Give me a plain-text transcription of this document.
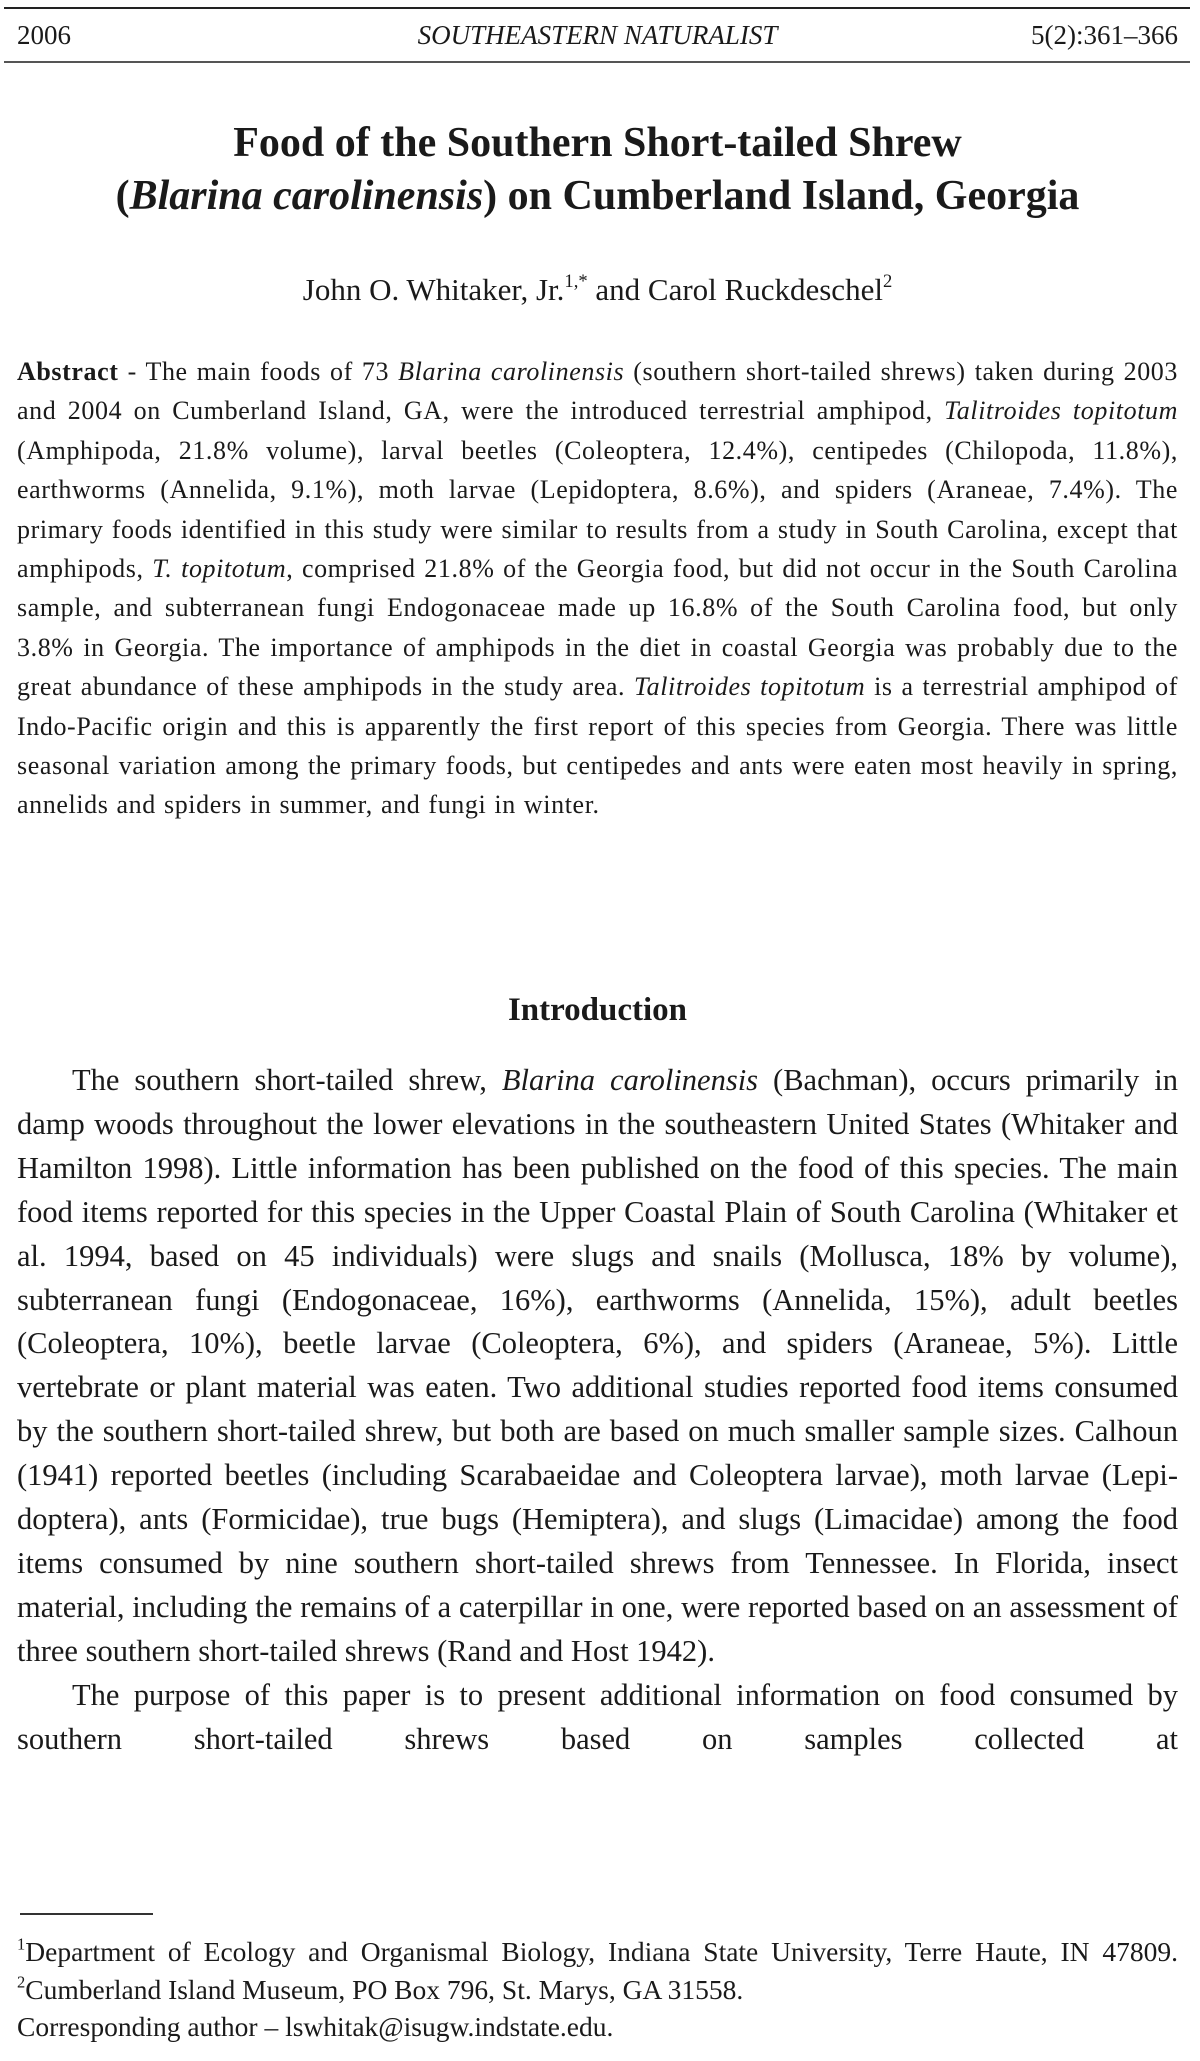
2006	SOUTHEASTERN NATURALIST	5(2):361–366
Food of the Southern Short-tailed Shrew
(Blarina carolinensis) on Cumberland Island, Georgia
John O. Whitaker, Jr.$^{1,*}$ and Carol Ruckdeschel$^2$
Abstract - The main foods of 73 Blarina carolinensis (southern short-tailed shrews) taken during 2003 and 2004 on Cumberland Island, GA, were the introduced terrestrial amphipod, Talitroides topitotum (Amphipoda, 21.8% volume), larval beetles (Coleoptera, 12.4%), centipedes (Chilopoda, 11.8%), earthworms (Annelida, 9.1%), moth larvae (Lepidoptera, 8.6%), and spiders (Araneae, 7.4%). The primary foods identified in this study were similar to results from a study in South Carolina, except that amphipods, T. topitotum, comprised 21.8% of the Georgia food, but did not occur in the South Carolina sample, and subterranean fungi Endogonaceae made up 16.8% of the South Carolina food, but only 3.8% in Georgia. The importance of amphipods in the diet in coastal Georgia was probably due to the great abundance of these amphipods in the study area. Talitroides topitotum is a terrestrial amphipod of Indo-Pacific origin and this is apparently the first report of this species from Georgia. There was little seasonal variation among the primary foods, but centipedes and ants were eaten most heavily in spring, annelids and spiders in summer, and fungi in winter.
Introduction

The southern short-tailed shrew, Blarina carolinensis (Bachman), occurs primarily in damp woods throughout the lower elevations in the southeastern United States (Whitaker and Hamilton 1998). Little information has been published on the food of this species. The main food items reported for this species in the Upper Coastal Plain of South Carolina (Whitaker et al. 1994, based on 45 individuals) were slugs and snails (Mollusca, 18% by volume), subterranean fungi (Endogonaceae, 16%), earthworms (Annelida, 15%), adult beetles (Coleoptera, 10%), beetle larvae (Coleoptera, 6%), and spiders (Araneae, 5%). Little vertebrate or plant material was eaten. Two additional studies reported food items consumed by the southern short-tailed shrew, but both are based on much smaller sample sizes. Calhoun (1941) reported beetles (including Scarabaeidae and Coleoptera larvae), moth larvae (Lepidoptera), ants (Formicidae), true bugs (Hemiptera), and slugs (Limacidae) among the food items consumed by nine southern short-tailed shrews from Tennessee. In Florida, insect material, including the remains of a caterpillar in one, were reported based on an assessment of three southern short-tailed shrews (Rand and Host 1942).

The purpose of this paper is to present additional information on food consumed by southern short-tailed shrews based on samples collected at

$^1$Department of Ecology and Organismal Biology, Indiana State University, Terre Haute, IN 47809. $^2$Cumberland Island Museum, PO Box 796, St. Marys, GA 31558.

Corresponding author – lswhitak@isugw.indstate.edu.
